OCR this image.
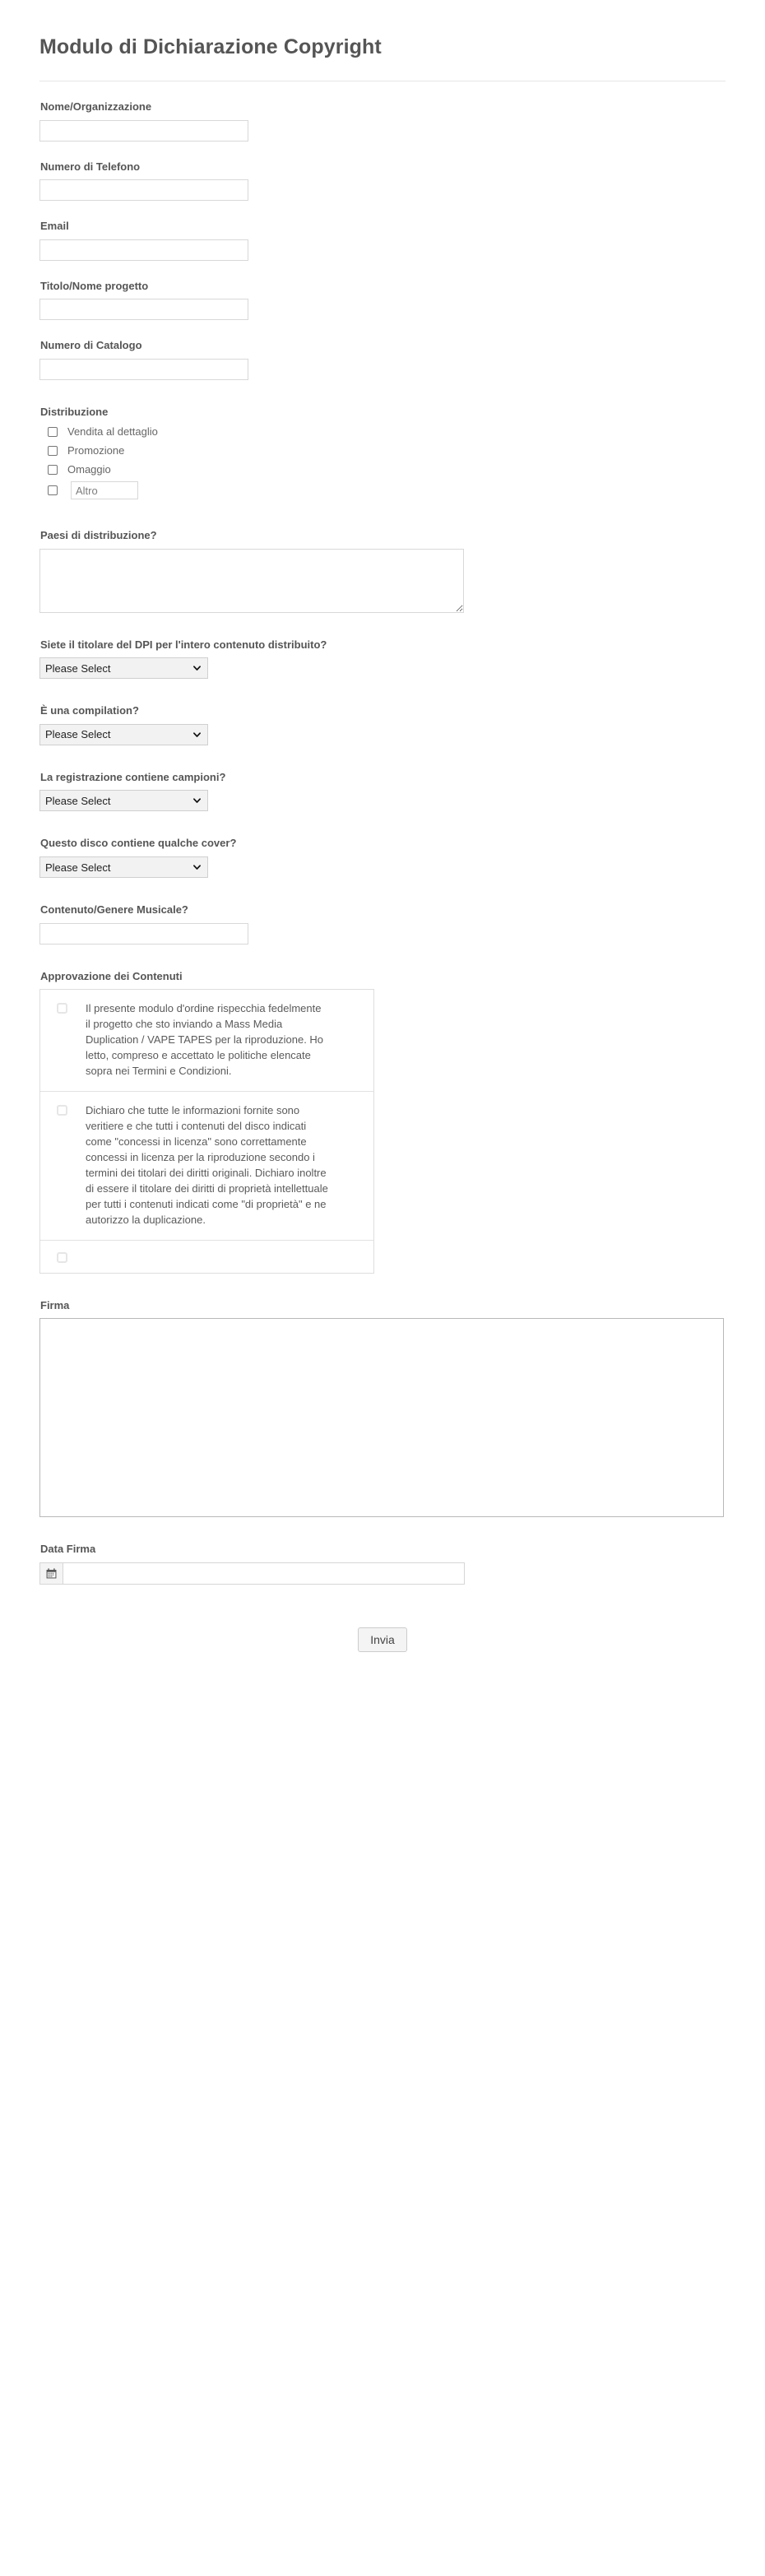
Modulo di Dichiarazione Copyright
Nome/Organizzazione
Numero di Telefono
Email
Titolo/Nome progetto
Numero di Catalogo
Distribuzione
Vendita al dettaglio
Promozione
Omaggio
Altro
Paesi di distribuzione?
Siete il titolare del DPI per l'intero contenuto distribuito?
Please Select
È una compilation?
Please Select
La registrazione contiene campioni?
Please Select
Questo disco contiene qualche cover?
Please Select
Contenuto/Genere Musicale?
Approvazione dei Contenuti
Il presente modulo d'ordine rispecchia fedelmente il progetto che sto inviando a Mass Media Duplication / VAPE TAPES per la riproduzione. Ho letto, compreso e accettato le politiche elencate sopra nei Termini e Condizioni.
Dichiaro che tutte le informazioni fornite sono veritiere e che tutti i contenuti del disco indicati come "concessi in licenza" sono correttamente concessi in licenza per la riproduzione secondo i termini dei titolari dei diritti originali. Dichiaro inoltre di essere il titolare dei diritti di proprietà intellettuale per tutti i contenuti indicati come "di proprietà" e ne autorizzo la duplicazione.
Firma
Data Firma
Invia
